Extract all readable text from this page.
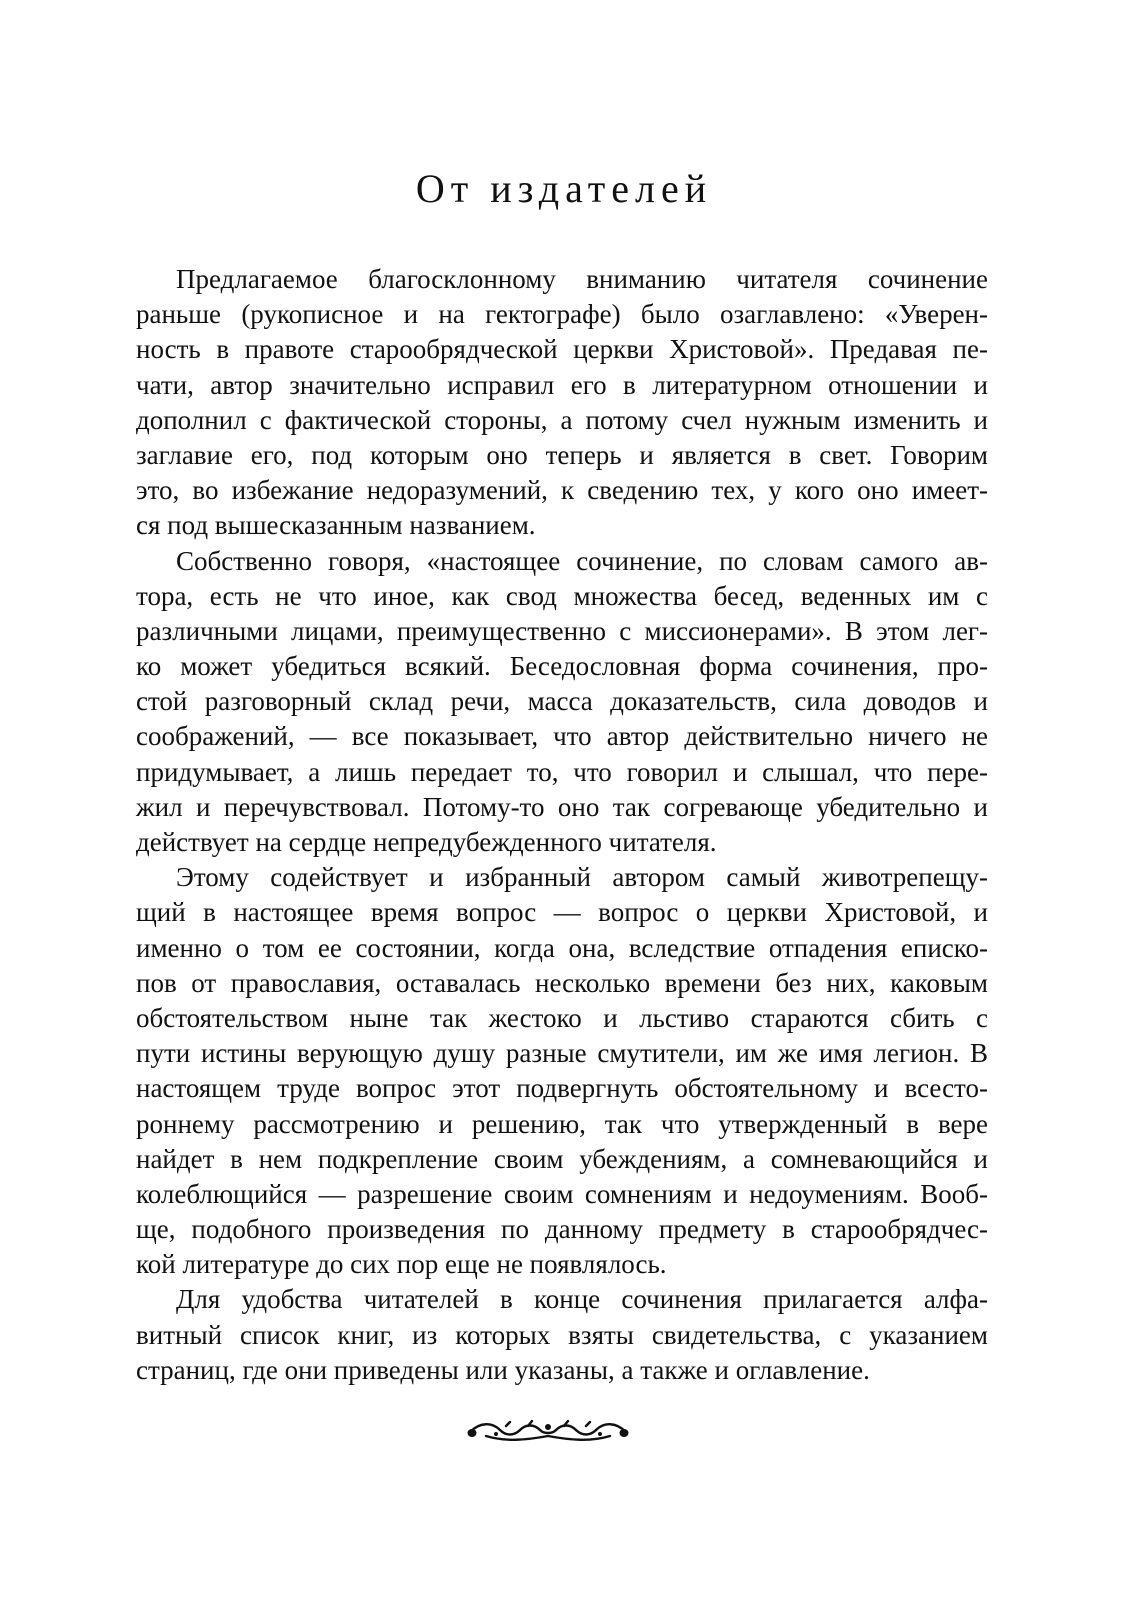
От издателей
Предлагаемое благосклонному вниманию читателя сочинение
раньше (рукописное и на гектографе) было озаглавлено: «Уверен-
ность в правоте старообрядческой церкви Христовой». Предавая пе-
чати, автор значительно исправил его в литературном отношении и
дополнил с фактической стороны, а потому счел нужным изменить и
заглавие его, под которым оно теперь и является в свет. Говорим
это, во избежание недоразумений, к сведению тех, у кого оно имеет-
ся под вышесказанным названием.
Собственно говоря, «настоящее сочинение, по словам самого ав-
тора, есть не что иное, как свод множества бесед, веденных им с
различными лицами, преимущественно с миссионерами». В этом лег-
ко может убедиться всякий. Беседословная форма сочинения, про-
стой разговорный склад речи, масса доказательств, сила доводов и
соображений, — все показывает, что автор действительно ничего не
придумывает, а лишь передает то, что говорил и слышал, что пере-
жил и перечувствовал. Потому-то оно так согревающе убедительно и
действует на сердце непредубежденного читателя.
Этому содействует и избранный автором самый животрепещу-
щий в настоящее время вопрос — вопрос о церкви Христовой, и
именно о том ее состоянии, когда она, вследствие отпадения еписко-
пов от православия, оставалась несколько времени без них, каковым
обстоятельством ныне так жестоко и льстиво стараются сбить с
пути истины верующую душу разные смутители, им же имя легион. В
настоящем труде вопрос этот подвергнуть обстоятельному и всесто-
роннему рассмотрению и решению, так что утвержденный в вере
найдет в нем подкрепление своим убеждениям, а сомневающийся и
колеблющийся — разрешение своим сомнениям и недоумениям. Вооб-
ще, подобного произведения по данному предмету в старообрядчес-
кой литературе до сих пор еще не появлялось.
Для удобства читателей в конце сочинения прилагается алфа-
витный список книг, из которых взяты свидетельства, с указанием
страниц, где они приведены или указаны, а также и оглавление.
